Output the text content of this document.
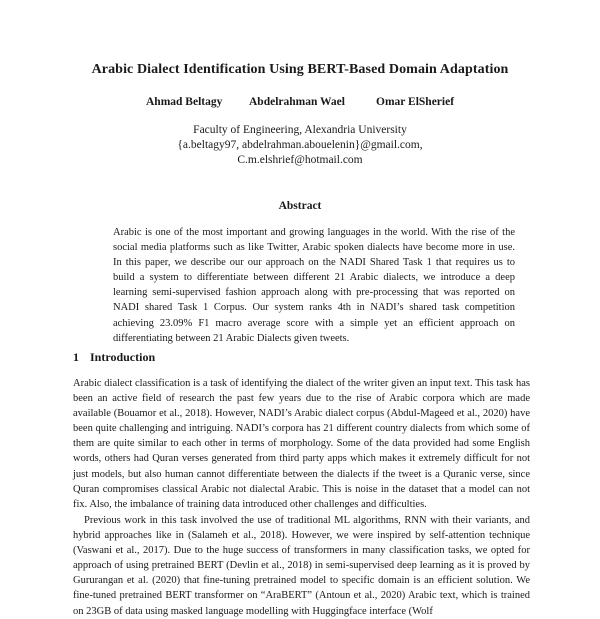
Arabic Dialect Identification Using BERT-Based Domain Adaptation
Ahmad Beltagy Abdelrahman Wael	Omar ElSherief
Faculty of Engineering, Alexandria University
{a.beltagy97, abdelrahman.abouelenin}@gmail.com,
C.m.elshrief@hotmail.com
Abstract
Arabic is one of the most important and growing languages in the world. With the rise of the social media platforms such as like Twitter, Arabic spoken dialects have become more in use. In this paper, we describe our our approach on the NADI Shared Task 1 that requires us to build a system to differentiate between different 21 Arabic dialects, we introduce a deep learning semi-supervised fashion approach along with pre-processing that was reported on NADI shared Task 1 Corpus. Our system ranks 4th in NADI’s shared task competition achieving 23.09% F1 macro average score with a simple yet an efficient approach on differentiating between 21 Arabic Dialects given tweets.
1 Introduction

Arabic dialect classification is a task of identifying the dialect of the writer given an input text. This task has been an active field of research the past few years due to the rise of Arabic corpora which are made available (Bouamor et al., 2018). However, NADI’s Arabic dialect corpus (Abdul-Mageed et al., 2020) have been quite challenging and intriguing. NADI’s corpora has 21 different country dialects from which some of them are quite similar to each other in terms of morphology. Some of the data provided had some English words, others had Quran verses generated from third party apps which makes it extremely difficult for not just models, but also human cannot differentiate between the dialects if the tweet is a Quranic verse, since Quran compromises classical Arabic not dialectal Arabic. This is noise in the dataset that a model can not fix. Also, the imbalance of training data introduced other challenges and difficulties.

Previous work in this task involved the use of traditional ML algorithms, RNN with their variants, and hybrid approaches like in (Salameh et al., 2018). However, we were inspired by self-attention technique (Vaswani et al., 2017). Due to the huge success of transformers in many classification tasks, we opted for approach of using pretrained BERT (Devlin et al., 2018) in semi-supervised deep learning as it is proved by Gururangan et al. (2020) that fine-tuning pretrained model to specific domain is an efficient solution. We fine-tuned pretrained BERT transformer on “AraBERT” (Antoun et al., 2020) Arabic text, which is trained on 23GB of data using masked language modelling with Huggingface interface (Wolf
